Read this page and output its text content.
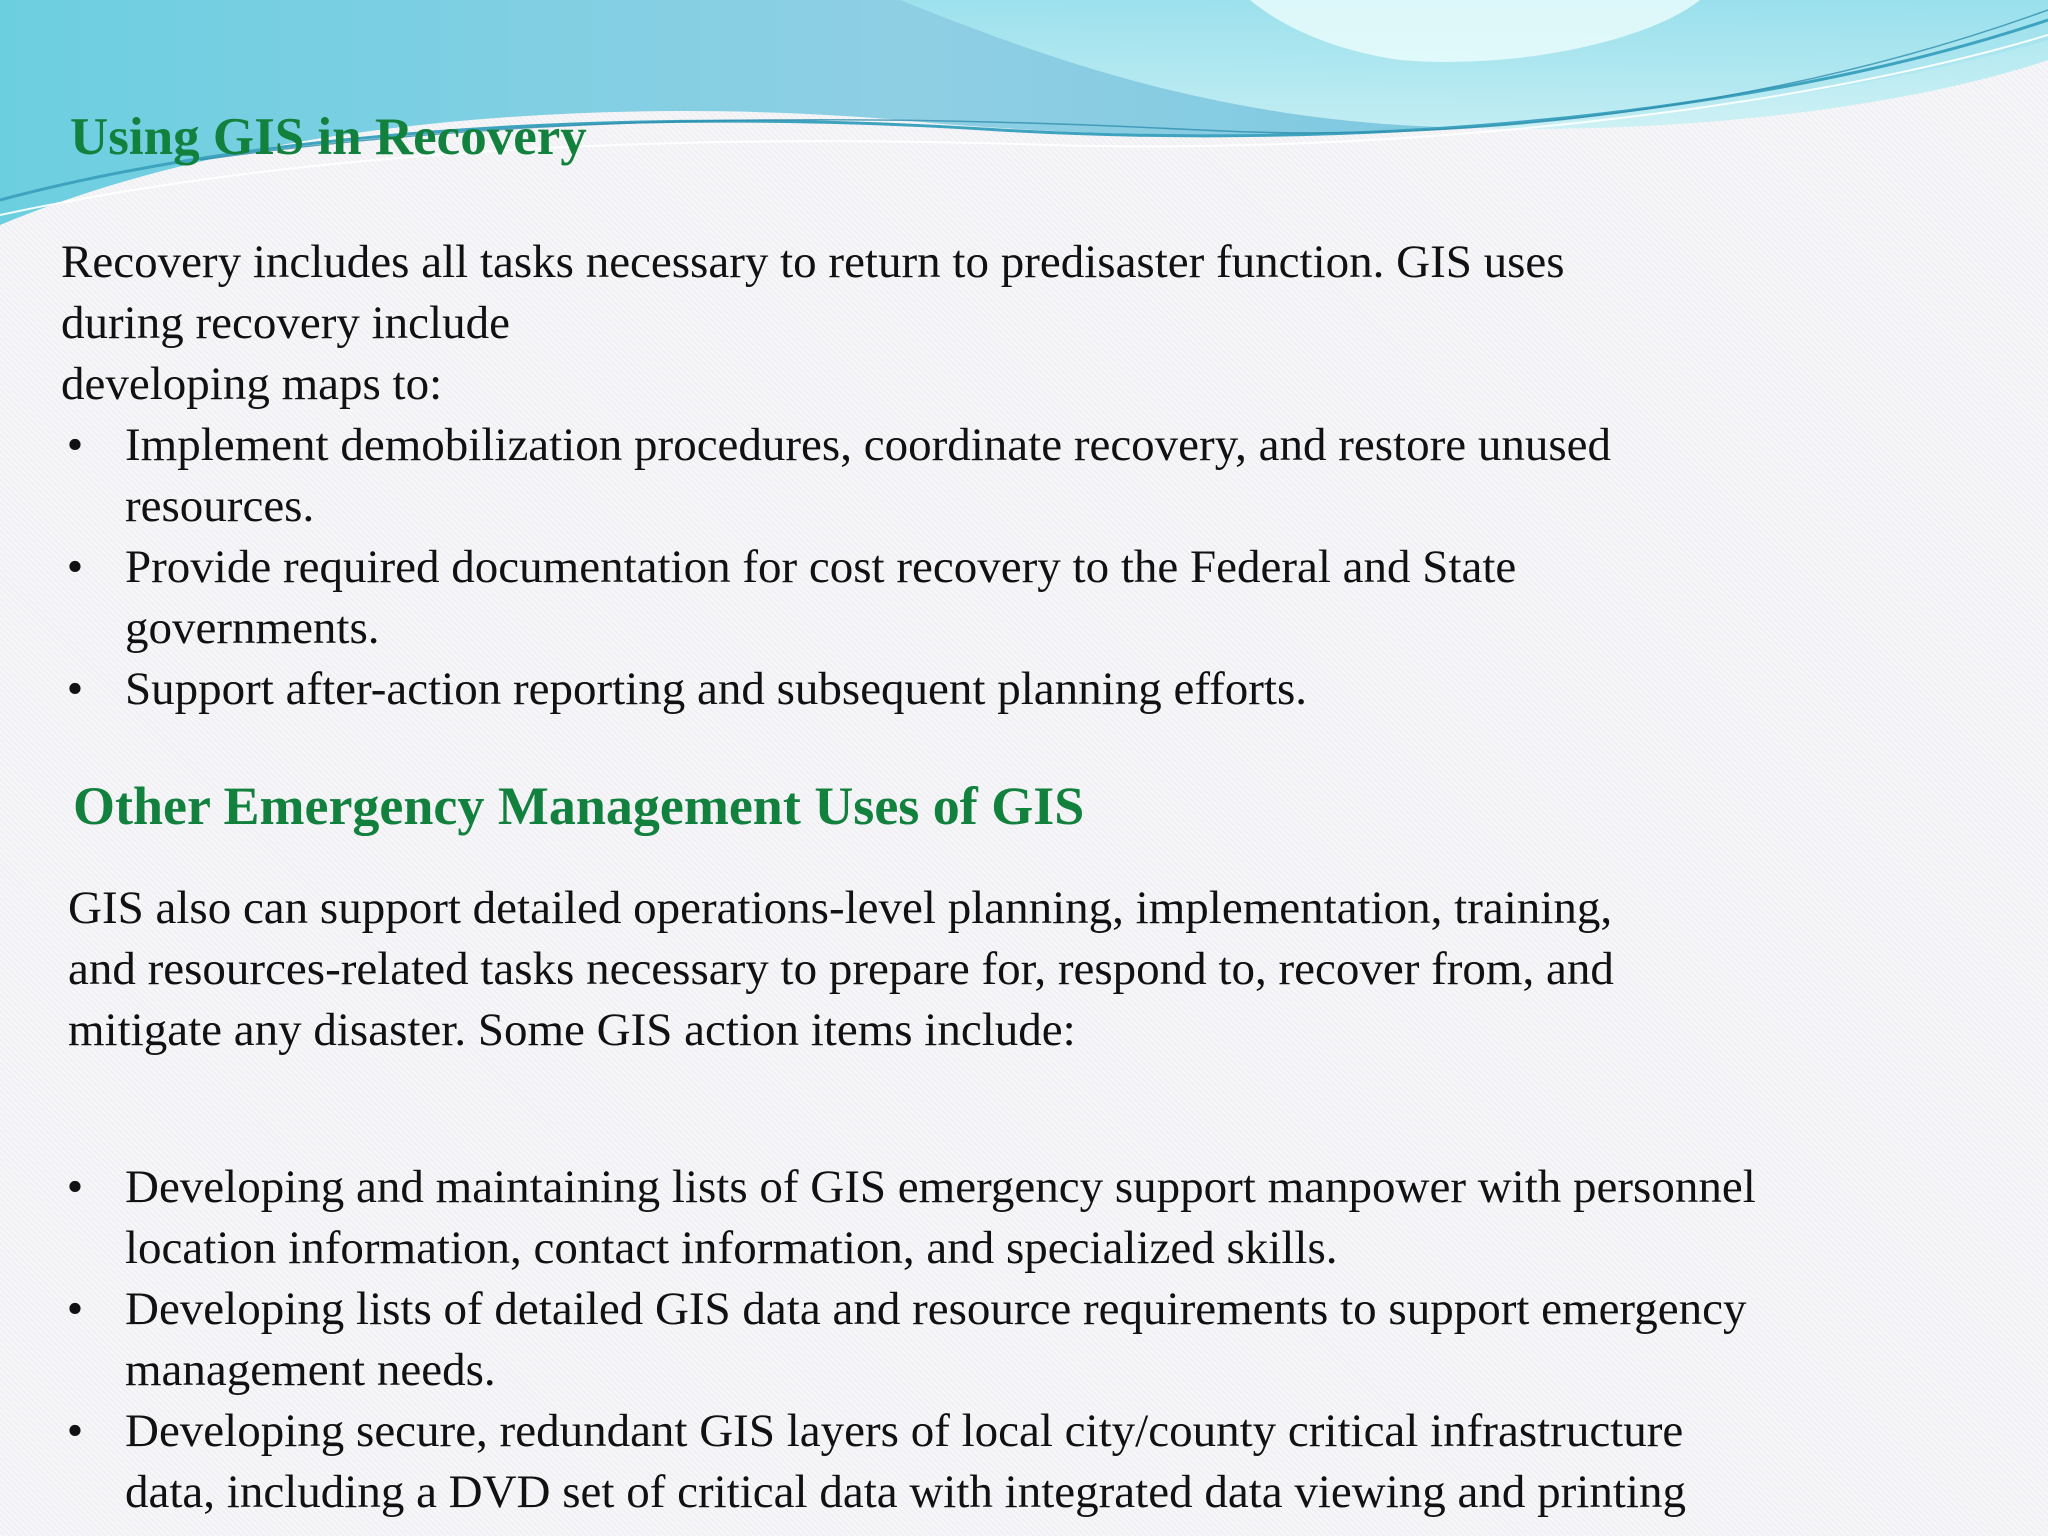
Using GIS in Recovery

Recovery includes all tasks necessary to return to predisaster function. GIS uses
during recovery include
developing maps to:

• Implement demobilization procedures, coordinate recovery, and restore unused
resources.
• Provide required documentation for cost recovery to the Federal and State
governments.
• Support after-action reporting and subsequent planning efforts.
Other Emergency Management Uses of GIS

GIS also can support detailed operations-level planning, implementation, training,
and resources-related tasks necessary to prepare for, respond to, recover from, and
mitigate any disaster. Some GIS action items include:

• Developing and maintaining lists of GIS emergency support manpower with personnel
location information, contact information, and specialized skills.
• Developing lists of detailed GIS data and resource requirements to support emergency
management needs.
• Developing secure, redundant GIS layers of local city/county critical infrastructure
data, including a DVD set of critical data with integrated data viewing and printing
